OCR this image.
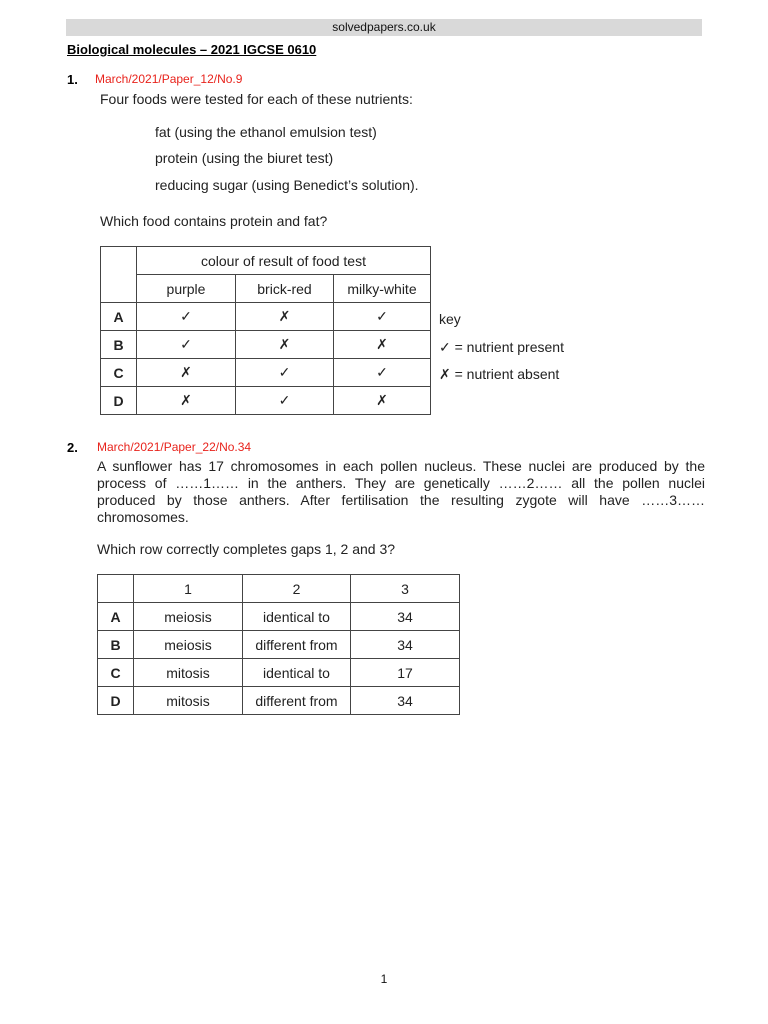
solvedpapers.co.uk
Biological molecules – 2021 IGCSE 0610
1. March/2021/Paper_12/No.9
Four foods were tested for each of these nutrients:
fat (using the ethanol emulsion test)
protein (using the biuret test)
reducing sugar (using Benedict’s solution).
Which food contains protein and fat?
	colour of result of food test		
	purple	brick-red	milky-white
A	✓	✗	✓
B	✓	✗	✗
C	✗	✓	✓
D	✗	✓	✗
key
✓ = nutrient present
✗ = nutrient absent
2. March/2021/Paper_22/No.34
A sunflower has 17 chromosomes in each pollen nucleus. These nuclei are produced by the
process of ……1…… in the anthers. They are genetically ……2…… all the pollen nuclei
produced by those anthers. After fertilisation the resulting zygote will have ……3……
chromosomes.
Which row correctly completes gaps 1, 2 and 3?
	1	2	3
A	meiosis	identical to	34
B	meiosis	different from	34
C	mitosis	identical to	17
D	mitosis	different from	34
1
